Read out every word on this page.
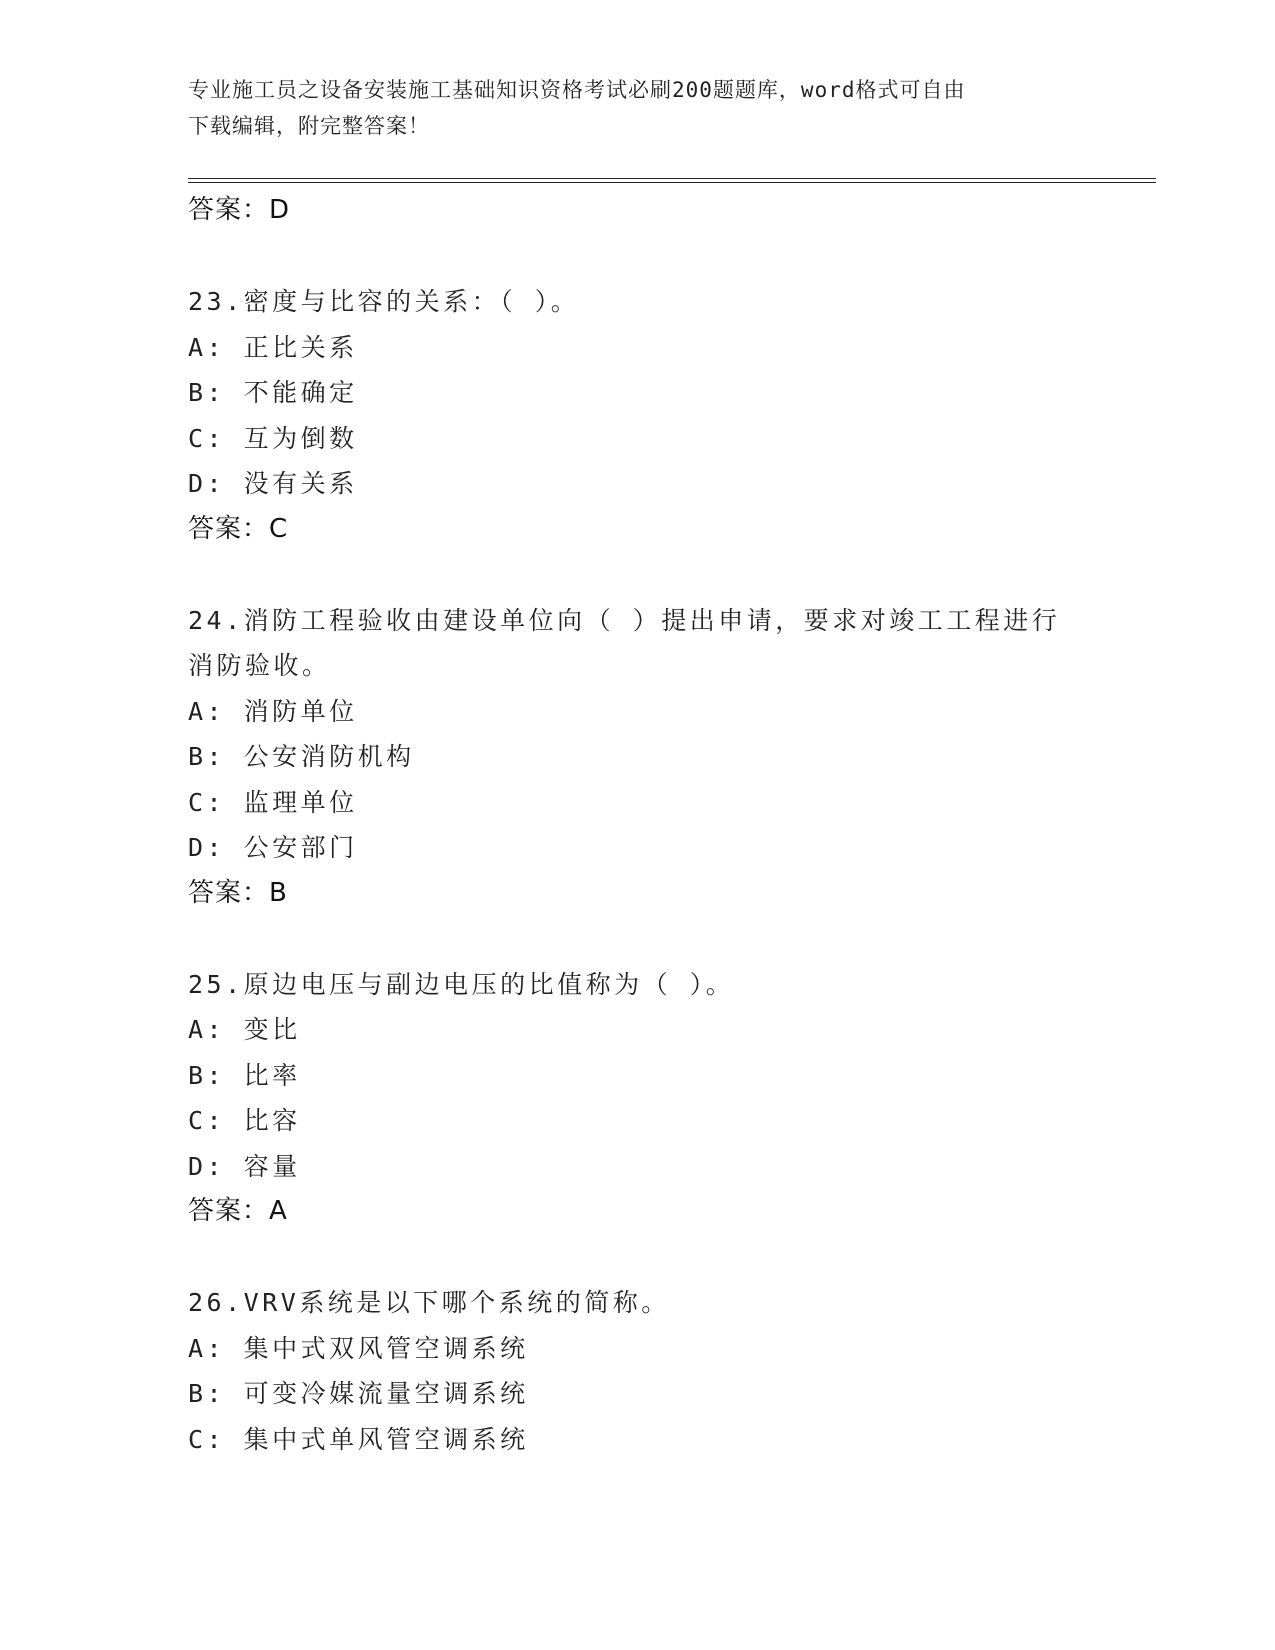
专业施工员之设备安装施工基础知识资格考试必刷200题题库，word格式可自由
下载编辑，附完整答案！
答案：D
23.密度与比容的关系：（ ）。
A: 正比关系
B: 不能确定
C: 互为倒数
D: 没有关系
答案：C
24.消防工程验收由建设单位向（ ）提出申请，要求对竣工工程进行
消防验收。
A: 消防单位
B: 公安消防机构
C: 监理单位
D: 公安部门
答案：B
25.原边电压与副边电压的比值称为（ ）。
A: 变比
B: 比率
C: 比容
D: 容量
答案：A
26.VRV系统是以下哪个系统的简称。
A: 集中式双风管空调系统
B: 可变冷媒流量空调系统
C: 集中式单风管空调系统
